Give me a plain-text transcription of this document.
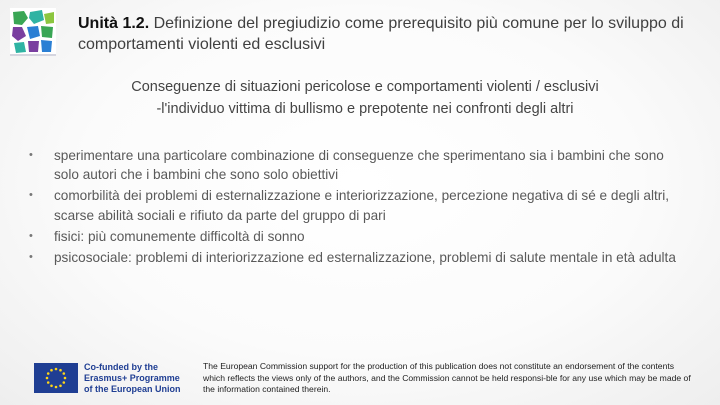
Unità 1.2. Definizione del pregiudizio come prerequisito più comune per lo sviluppo di comportamenti violenti ed esclusivi
Conseguenze di situazioni pericolose e comportamenti violenti / esclusivi
-l'individuo vittima di bullismo e prepotente nei confronti degli altri
• sperimentare una particolare combinazione di conseguenze che sperimentano sia i bambini che sono solo autori che i bambini che sono solo obiettivi
• comorbilità dei problemi di esternalizzazione e interiorizzazione, percezione negativa di sé e degli altri, scarse abilità sociali e rifiuto da parte del gruppo di pari
• fisici: più comunemente difficoltà di sonno
• psicosociale: problemi di interiorizzazione ed esternalizzazione, problemi di salute mentale in età adulta
Co-funded by the
Erasmus+ Programme
of the European Union
The European Commission support for the production of this publication does not constitute an endorsement of the contents which reflects the views only of the authors, and the Commission cannot be held responsi-ble for any use which may be made of the information contained therein.
